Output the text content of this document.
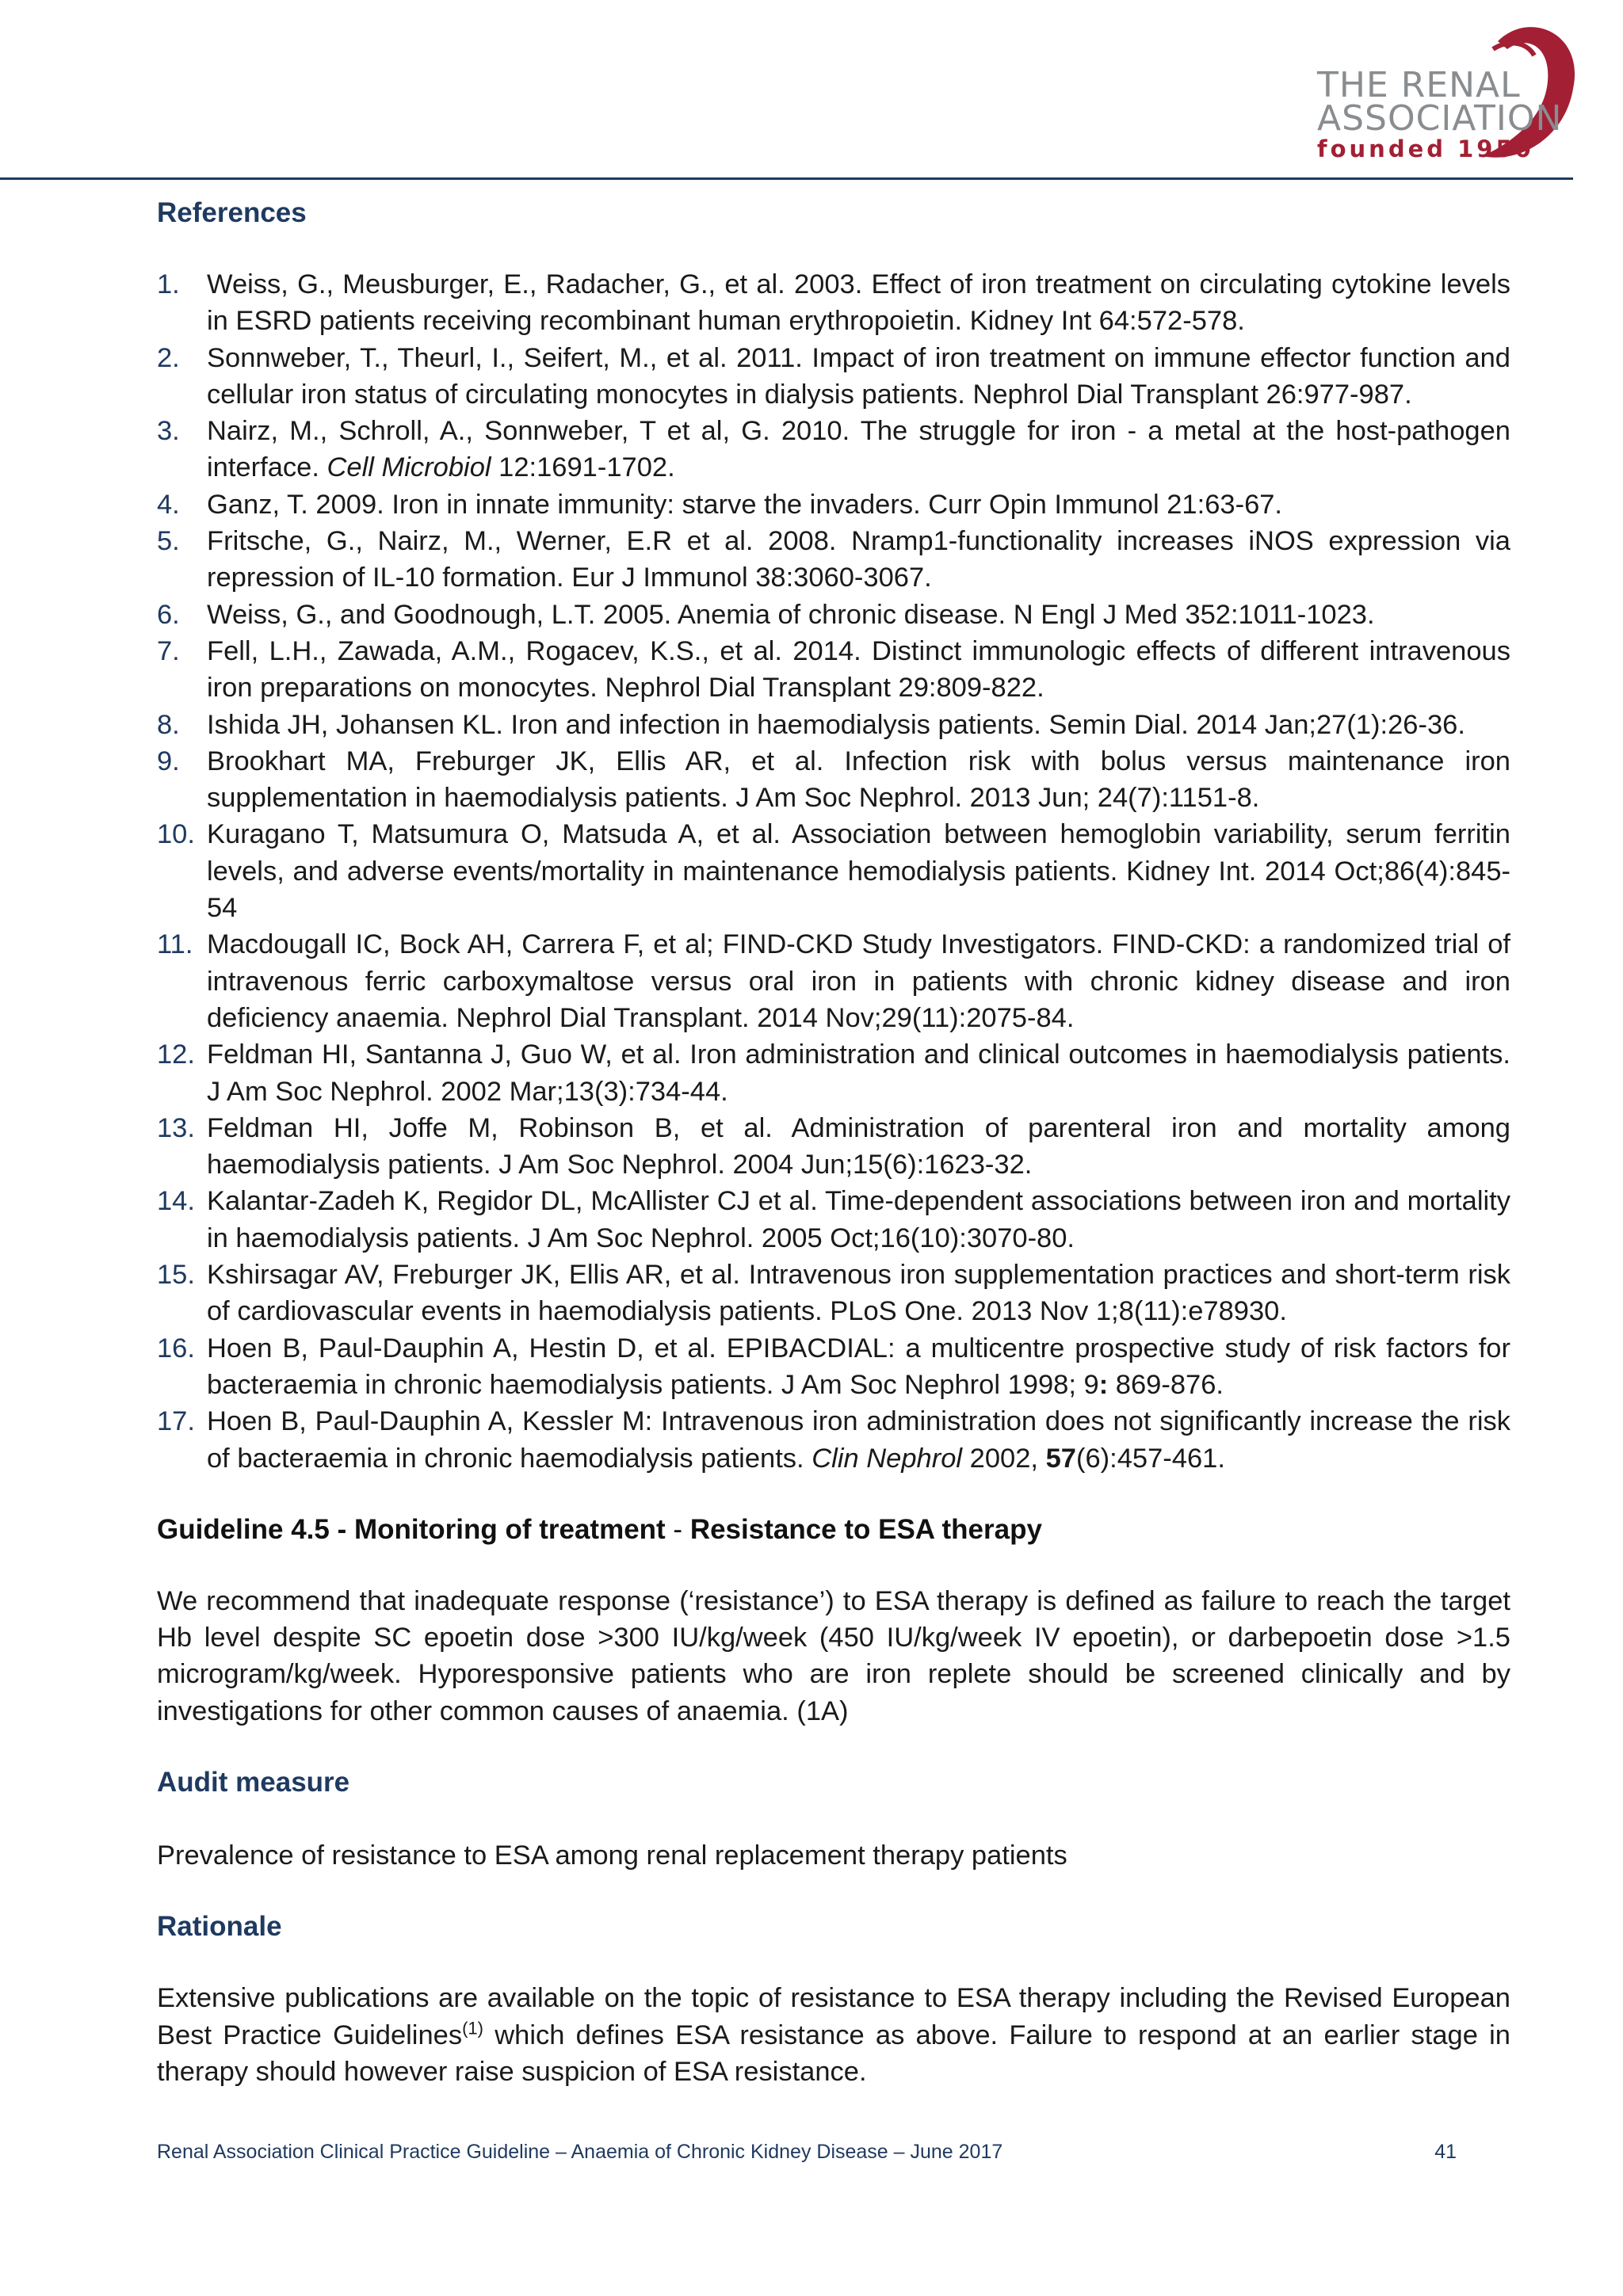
THE RENAL
ASSOCIATION
founded 1950
References
1. Weiss, G., Meusburger, E., Radacher, G., et al. 2003. Effect of iron treatment on circulating cytokine levels in ESRD patients receiving recombinant human erythropoietin. Kidney Int 64:572-578.
2. Sonnweber, T., Theurl, I., Seifert, M., et al. 2011. Impact of iron treatment on immune effector function and cellular iron status of circulating monocytes in dialysis patients. Nephrol Dial Transplant 26:977-987.
3. Nairz, M., Schroll, A., Sonnweber, T et al, G. 2010. The struggle for iron - a metal at the host-pathogen interface. Cell Microbiol 12:1691-1702.
4. Ganz, T. 2009. Iron in innate immunity: starve the invaders. Curr Opin Immunol 21:63-67.
5. Fritsche, G., Nairz, M., Werner, E.R et al. 2008. Nramp1-functionality increases iNOS expression via repression of IL-10 formation. Eur J Immunol 38:3060-3067.
6. Weiss, G., and Goodnough, L.T. 2005. Anemia of chronic disease. N Engl J Med 352:1011-1023.
7. Fell, L.H., Zawada, A.M., Rogacev, K.S., et al. 2014. Distinct immunologic effects of different intravenous iron preparations on monocytes. Nephrol Dial Transplant 29:809-822.
8. Ishida JH, Johansen KL. Iron and infection in haemodialysis patients. Semin Dial. 2014 Jan;27(1):26-36.
9. Brookhart MA, Freburger JK, Ellis AR, et al. Infection risk with bolus versus maintenance iron supplementation in haemodialysis patients. J Am Soc Nephrol. 2013 Jun; 24(7):1151-8.
10. Kuragano T, Matsumura O, Matsuda A, et al. Association between hemoglobin variability, serum ferritin levels, and adverse events/mortality in maintenance hemodialysis patients. Kidney Int. 2014 Oct;86(4):845-54
11. Macdougall IC, Bock AH, Carrera F, et al; FIND-CKD Study Investigators. FIND-CKD: a randomized trial of intravenous ferric carboxymaltose versus oral iron in patients with chronic kidney disease and iron deficiency anaemia. Nephrol Dial Transplant. 2014 Nov;29(11):2075-84.
12. Feldman HI, Santanna J, Guo W, et al. Iron administration and clinical outcomes in haemodialysis patients. J Am Soc Nephrol. 2002 Mar;13(3):734-44.
13. Feldman HI, Joffe M, Robinson B, et al. Administration of parenteral iron and mortality among haemodialysis patients. J Am Soc Nephrol. 2004 Jun;15(6):1623-32.
14. Kalantar-Zadeh K, Regidor DL, McAllister CJ et al. Time-dependent associations between iron and mortality in haemodialysis patients. J Am Soc Nephrol. 2005 Oct;16(10):3070-80.
15. Kshirsagar AV, Freburger JK, Ellis AR, et al. Intravenous iron supplementation practices and short-term risk of cardiovascular events in haemodialysis patients. PLoS One. 2013 Nov 1;8(11):e78930.
16. Hoen B, Paul-Dauphin A, Hestin D, et al. EPIBACDIAL: a multicentre prospective study of risk factors for bacteraemia in chronic haemodialysis patients. J Am Soc Nephrol 1998; 9: 869-876.
17. Hoen B, Paul-Dauphin A, Kessler M: Intravenous iron administration does not significantly increase the risk of bacteraemia in chronic haemodialysis patients. Clin Nephrol 2002, 57(6):457-461.
Guideline 4.5 - Monitoring of treatment - Resistance to ESA therapy

We recommend that inadequate response (‘resistance’) to ESA therapy is defined as failure to reach the target Hb level despite SC epoetin dose >300 IU/kg/week (450 IU/kg/week IV epoetin), or darbepoetin dose >1.5 microgram/kg/week. Hyporesponsive patients who are iron replete should be screened clinically and by investigations for other common causes of anaemia. (1A)

Audit measure

Prevalence of resistance to ESA among renal replacement therapy patients

Rationale

Extensive publications are available on the topic of resistance to ESA therapy including the Revised European Best Practice Guidelines$^{(1)}$ which defines ESA resistance as above. Failure to respond at an earlier stage in therapy should however raise suspicion of ESA resistance.

Renal Association Clinical Practice Guideline – Anaemia of Chronic Kidney Disease – June 2017	41
